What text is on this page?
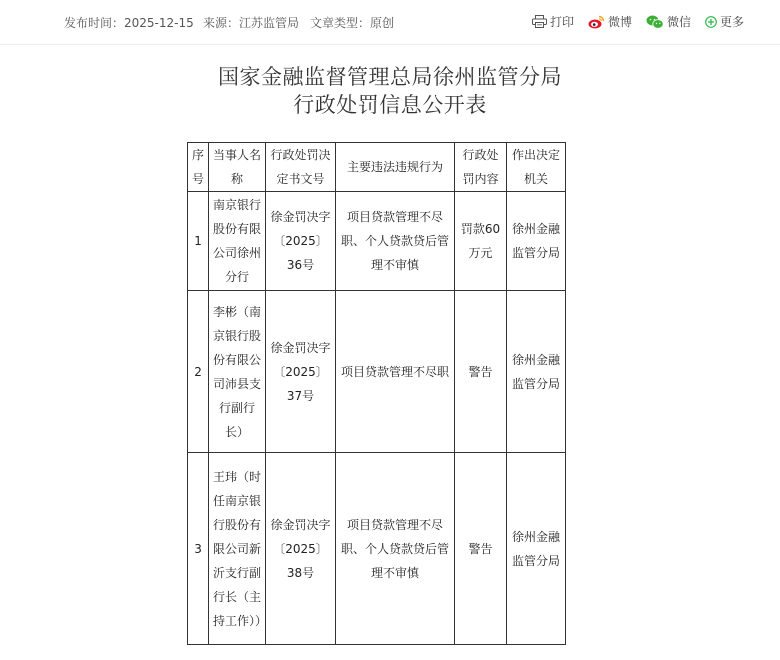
发布时间：2025-12-15 来源：江苏监管局 文章类型：原创	打印	微博	微信 更多
国家金融监督管理总局徐州监管分局
行政处罚信息公开表
序号	当事人名称	行政处罚决定书文号	主要违法违规行为	行政处罚内容	作出决定机关
1	南京银行股份有限公司徐州分行	徐金罚决字〔2025〕36号	项目贷款管理不尽职、个人贷款贷后管理不审慎	罚款60万元	徐州金融监管分局
2	李彬（南京银行股份有限公司沛县支行副行长）	徐金罚决字〔2025〕37号	项目贷款管理不尽职	警告	徐州金融监管分局
3	王玮（时任南京银行股份有限公司新沂支行副行长（主持工作））	徐金罚决字〔2025〕38号	项目贷款管理不尽职、个人贷款贷后管理不审慎	警告	徐州金融监管分局
